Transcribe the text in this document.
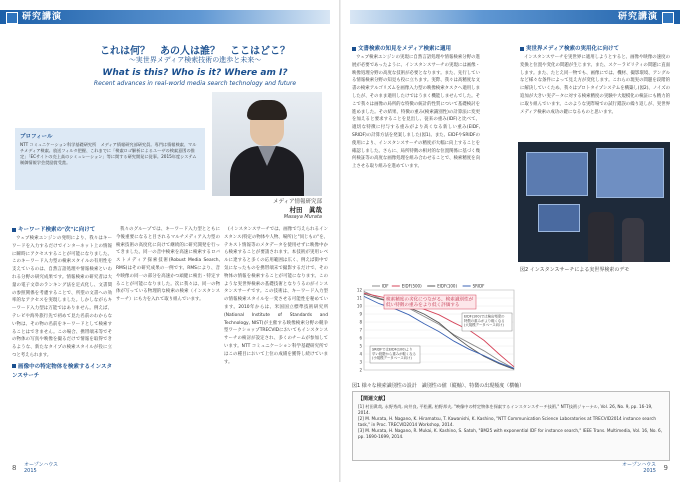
研究講演
これは何？　あの人は誰？　ここはどこ？
〜実世界メディア検索技術の進歩と未来〜
What is this? Who is it? Where am I?
Recent advances in real-world media search technology and future
プロフィール
NTT コミュニケーション科学基礎研究所　メディア情報研究部研究員。専門は情報検索、マルチメディア検索。放送フィルタ把握、これまでに「検索ロゴ解析によるユーザの検索意図の推定」「ECサイトの売上高のシミュレーション」等に関する研究開発に従事。2015年度システム制御情報学会奨励賞受賞。
メディア情報研究部
村田　眞哉
Masaya Murata
キーワード検索の"次"に向けて
ウェブ検索エンジンの発明により、我々はキーワードを入力するだけでインターネット上の情報に瞬時にアクセスすることが可能になりました。このキーワード入力型の検索スタイルの有用性を支えているのは、自然言語処理や情報検索といわれる分野の研究成果です。情報検索の研究者は大量の電子文章のランキング法を定式化し、文書間の参照関係を考慮することで、所望の文書への効率的なアクセスを実現しました。しかしながらキーワード入力型は万能ではありません。例えば、テレビや海外旅行先で初めて見た名前のわからない物は、その物の名前をキーワードとして検索することはできません。この場合、携帯端末等でその物体の写真や映像を撮るだけで情報を取得できるような、新たなタイプの検索スタイルが役に立つと考えられます。
画像中の特定物体を検索するインスタンスサーチ
我々のグループでは、キーワード入力型とともに今後重要になると目されるマルチメディア入力型の検索技術の高度化に向けて継続的に研究開発を行ってきました。同一の音中検索を高速に検索するロバストメディア探索技術(Robust Media Search, RMS)はその研究成果の一例です。RMSにより、音や映像の同一の部分を高速かつ頑健に検出・特定することが可能になりました。次に我々は、同一の物体が写っている物理的な検索の検索（インスタンスサーチ）にも力を入れて取り組んでいます。
(インスタンスサーチでは、画像で与えられるインスタンス(特定の物体や人物、場所)と"同じもの"を、テキスト情報等のメタデータを使用せずに映像中から検索することが要請されます。本技術が実用レベルに達すると多くの応用範囲は広く、例えば街中で気になったものを携帯端末で撮影するだけで、その物体の情報を検索することが可能になります。このような実世界検索の基礎技術となりうるのがインスタンスサーチです。この技術は、キーワード入力型の情報検索スタイルを一変させる可能性を秘めています。2010年からは、米国国立標準技術研究所(National Institute of Standards and Technology, NIST)が主催する映像検索分野の競争型ワークショップTRECVIDにおいてもインスタンスサーチの検討が設定され、多くのチームが参加しています。NTT コミュニケーション科学基礎研究所ではこの種目において上位の成績を獲得し続けています。
8 オープンハウス
2015
研究講演
文書検索の知見をメディア検索に適用
ウェブ検索エンジンの実現に自然言語処理や情報検索分野の進展が必要であったように、インスタンスサーチの実現には画像・映像処理分野の高度な技術が必要となります。また、先行している情報検索分野の知見も役に立ちます。実際、我々は高精度な文書の検索アルゴリズムを画像入力型の映像検索タスクへ適用しましたが、そのまま適用したけではうまく機能しませんでした。そこで我々は画像の局所的な特徴の統計的性質について基礎検討を進めました。その結果、特徴の重み(検索識別性)の計算法に変更を加えると要求することを見出し、従来の重み(IDF)と比べて、適切な特徴に付与する重みがより高くなる新しい重み(EIDF, SRIDF)の計算方法を発案しました(図1)。また、EIDFやSRIDFの使用により、インスタンスサーチの精度が大幅に向上することを確認しました。さらに、局所特徴の相対的な位置関係に基づく幾何検証等の高度な画像処理を組み合わせることで、検索精度を向上させる取り組みを進めています。
実世界メディア検索の実用化に向けて
インスタンスサーチを実世界に適用しようとすると、画像や映像の速度の変換と位置や変化の問題が生じます。また、スケーラビリティの問題に直面します。また、たとえ同一物でも、画像にでは、機材、撮影環境、アングルなど様々な条件によって見え方が変化します。これらの現実の問題を段階的に解決していくため、我々はプロトタイプシステムを構築し(図2)、ノイズの追加が大きい実データに対する検索精度の実験や大規模化の検証にも精力的に取り組んでいます。このような実際場での試行錯誤の繰り返しが、実世界メディア検索の成功の鍵になるものと思います。
図2 インスタンスサーチによる実世界検索のデモ
2
3
4
5
6
7
8
9
10
11
12
IDF	EIDF(500)	EIDF(100)	SRIDF
検索精度の劣化につながる、検索識別性が
低い特徴の重みをより低く評価する
EIDF(100)では検出頻度の
特徴の重みがより軽くなる
(大規模データベース向け)
SRIDFではEIDF(100)より
早い段階から重みが軽くなる
(小規模データベース向け)
図1 様々な検索識別性の設計　識別性の値（縦軸）、特徴の出現頻度（横軸）
【関連文献】
[1] 村田眞哉, 永野秀尚, 向井良, 平松薫, 柏野邦夫, "映像中の特定物体を探索するインスタンスサーチ技術," NTT技術ジャーナル, Vol. 26, No. 9, pp. 16-19, 2014.
[2] M. Murata, H. Nagano, K. Hiramatsu, T. Kawanishi, K. Kashino, "NTT Communication Science Laboratories at TRECVID2014 instance search task," in Proc. TRECVID2014 Workshop, 2014.
[3] M. Murata, H. Nagano, R. Mukai, K. Kashino, S. Satoh, "BM25 with exponential IDF for instance search," IEEE Trans. Multimedia, Vol. 16, No. 6, pp. 1690-1699, 2014.
オープンハウス
2015 9
